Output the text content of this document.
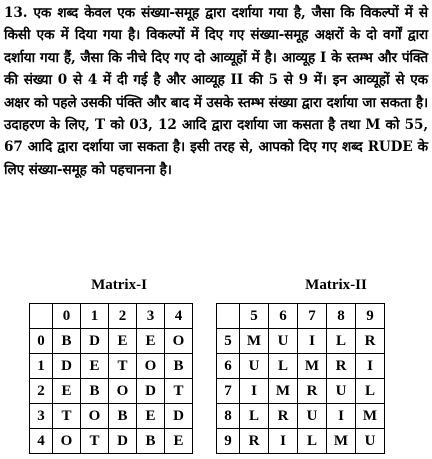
13. एक शब्द केवल एक संख्या-समूह द्वारा दर्शाया गया है, जैसा कि विकल्पों में से किसी एक में दिया गया है। विकल्पों में दिए गए संख्या-समूह अक्षरों के दो वर्गों द्वारा दर्शाया गया हैं, जैसा कि नीचे दिए गए दो आव्यूहों में है। आव्यूह I के स्तम्भ और पंक्ति की संख्या 0 से 4 में दी गई है और आव्यूह II की 5 से 9 में। इन आव्यूहों से एक अक्षर को पहले उसकी पंक्ति और बाद में उसके स्तम्भ संख्या द्वारा दर्शाया जा सकता है। उदाहरण के लिए, T को 03, 12 आदि द्वारा दर्शाया जा कसता है तथा M को 55, 67 आदि द्वारा दर्शाया जा सकता है। इसी तरह से, आपको दिए गए शब्द RUDE के लिए संख्या-समूह को पहचानना है।
Matrix-I	Matrix-II
	0	1	2	3	4
0	B	D	E	E	O
1	D	E	T	O	B
2	E	B	O	D	T
3	T	O	B	E	D
4	O	T	D	B	E
	5	6	7	8	9
5	M	U	I	L	R
6	U	L	M	R	I
7	I	M	R	U	L
8	L	R	U	I	M
9	R	I	L	M	U
